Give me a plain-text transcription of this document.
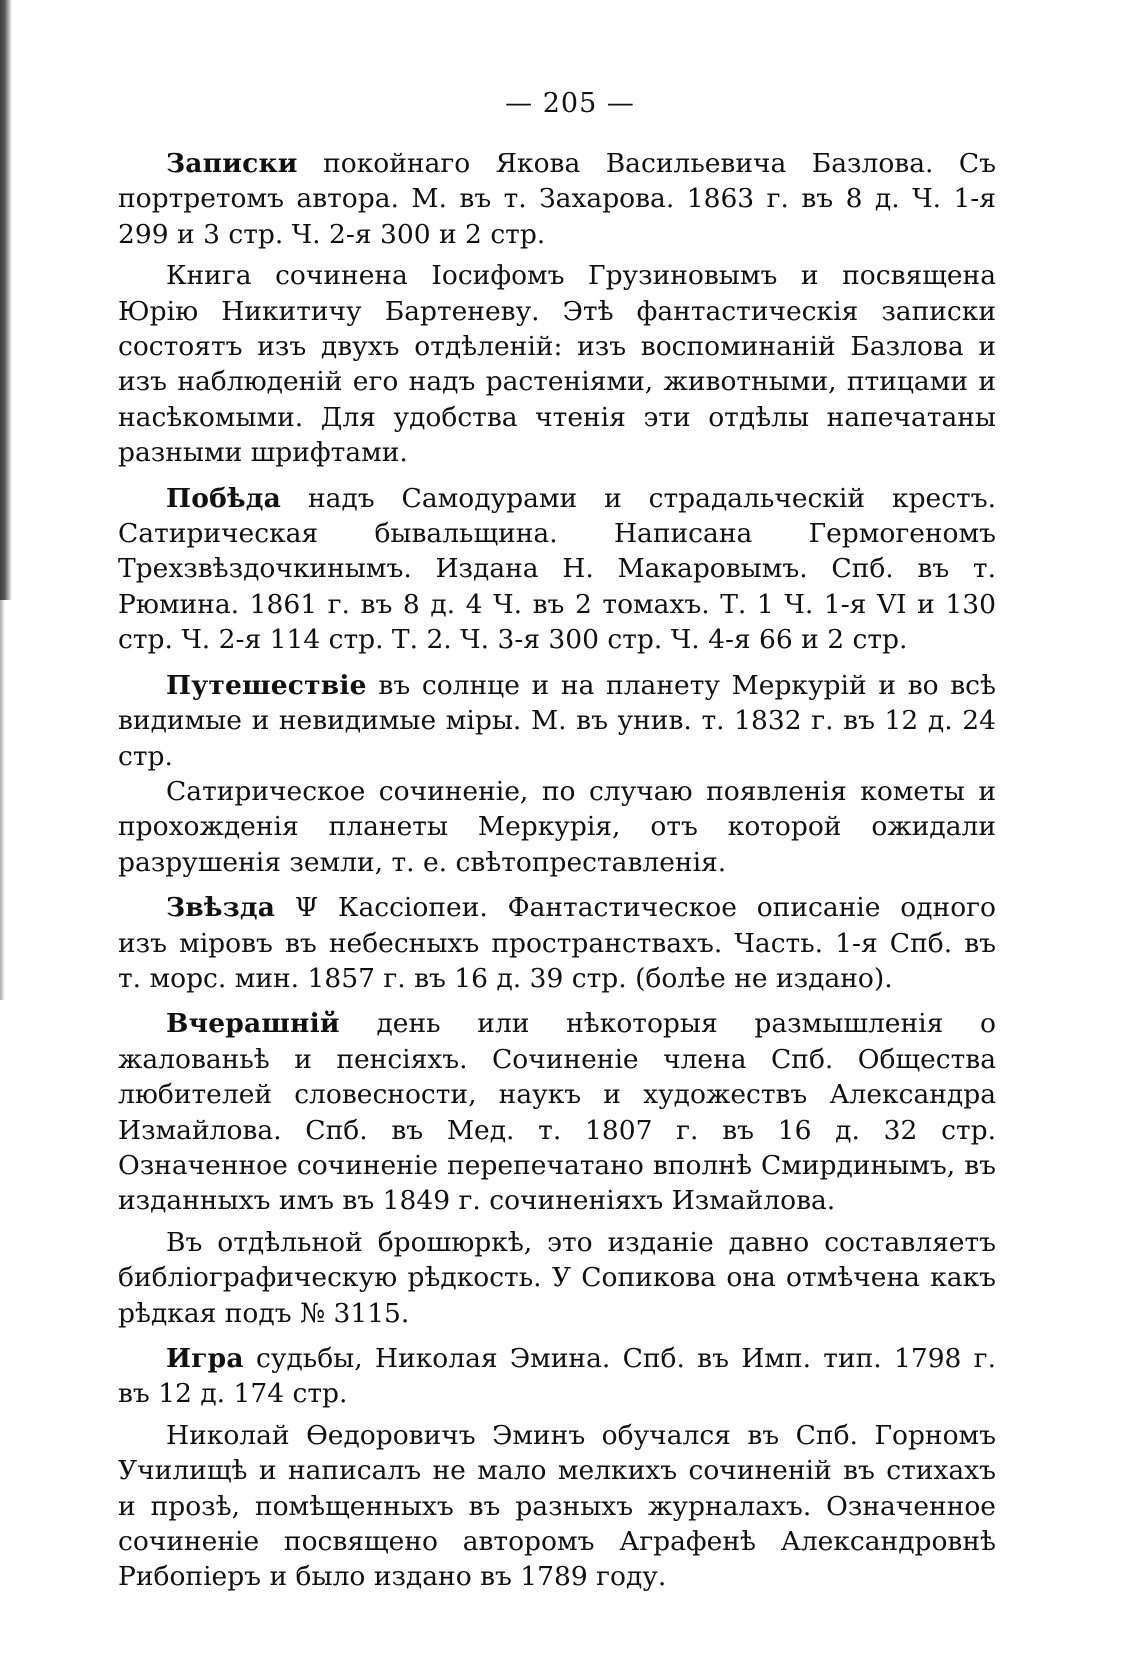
— 205 —

Записки покойнаго Якова Васильевича Базлова. Съ портретомъ автора. М. въ т. Захарова. 1863 г. въ 8 д. Ч. 1-я 299 и 3 стр. Ч. 2-я 300 и 2 стр.

Книга сочинена Іосифомъ Грузиновымъ и посвящена Юрію Никитичу Бартеневу. Этѣ фантастическія записки состоятъ изъ двухъ отдѣленій: изъ воспоминаній Базлова и изъ наблюденій его надъ растеніями, животными, птицами и насѣкомыми. Для удобства чтенія эти отдѣлы напечатаны разными шрифтами.

Побѣда надъ Самодурами и страдальческій крестъ. Сатирическая бывальщина. Написана Гермогеномъ Трехзвѣздочкинымъ. Издана Н. Макаровымъ. Спб. въ т. Рюмина. 1861 г. въ 8 д. 4 Ч. въ 2 томахъ. Т. 1 Ч. 1-я VI и 130 стр. Ч. 2-я 114 стр. Т. 2. Ч. 3-я 300 стр. Ч. 4-я 66 и 2 стр.

Путешествіе въ солнце и на планету Меркурій и во всѣ видимые и невидимые міры. М. въ унив. т. 1832 г. въ 12 д. 24 стр.

Сатирическое сочиненіе, по случаю появленія кометы и прохожденія планеты Меркурія, отъ которой ожидали разрушенія земли, т. е. свѣтопреставленія.

Звѣзда Ψ Кассіопеи. Фантастическое описаніе одного изъ міровъ въ небесныхъ пространствахъ. Часть. 1-я Спб. въ т. морс. мин. 1857 г. въ 16 д. 39 стр. (болѣе не издано).

Вчерашній день или нѣкоторыя размышленія о жалованьѣ и пенсіяхъ. Сочиненіе члена Спб. Общества любителей словесности, наукъ и художествъ Александра Измайлова. Спб. въ Мед. т. 1807 г. въ 16 д. 32 стр. Означенное сочиненіе перепечатано вполнѣ Смирдинымъ, въ изданныхъ имъ въ 1849 г. сочиненіяхъ Измайлова.

Въ отдѣльной брошюркѣ, это изданіе давно составляетъ библіографическую рѣдкость. У Сопикова она отмѣчена какъ рѣдкая подъ № 3115.

Игра судьбы, Николая Эмина. Спб. въ Имп. тип. 1798 г. въ 12 д. 174 стр.

Николай Ѳедоровичъ Эминъ обучался въ Спб. Горномъ Училищѣ и написалъ не мало мелкихъ сочиненій въ стихахъ и прозѣ, помѣщенныхъ въ разныхъ журналахъ. Означенное сочиненіе посвящено авторомъ Аграфенѣ Александровнѣ Рибопіеръ и было издано въ 1789 году.
